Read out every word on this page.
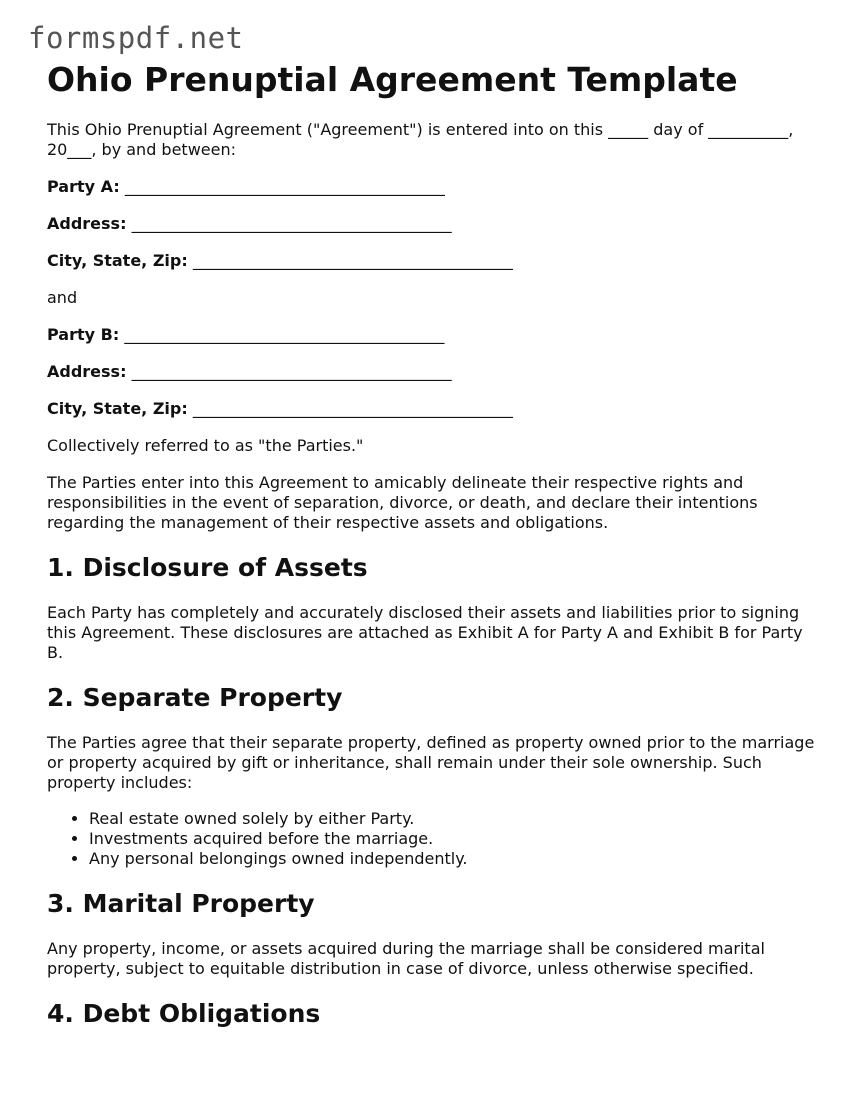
formspdf.net
Ohio Prenuptial Agreement Template

This Ohio Prenuptial Agreement ("Agreement") is entered into on this _____ day of __________, 20___, by and between:

Party A: ________________________________________

Address: ________________________________________

City, State, Zip: ________________________________________

and

Party B: ________________________________________

Address: ________________________________________

City, State, Zip: ________________________________________

Collectively referred to as "the Parties."

The Parties enter into this Agreement to amicably delineate their respective rights and responsibilities in the event of separation, divorce, or death, and declare their intentions regarding the management of their respective assets and obligations.

1. Disclosure of Assets

Each Party has completely and accurately disclosed their assets and liabilities prior to signing this Agreement. These disclosures are attached as Exhibit A for Party A and Exhibit B for Party B.

2. Separate Property

The Parties agree that their separate property, defined as property owned prior to the marriage or property acquired by gift or inheritance, shall remain under their sole ownership. Such property includes:

• Real estate owned solely by either Party.
• Investments acquired before the marriage.
• Any personal belongings owned independently.
3. Marital Property

Any property, income, or assets acquired during the marriage shall be considered marital property, subject to equitable distribution in case of divorce, unless otherwise specified.

4. Debt Obligations
